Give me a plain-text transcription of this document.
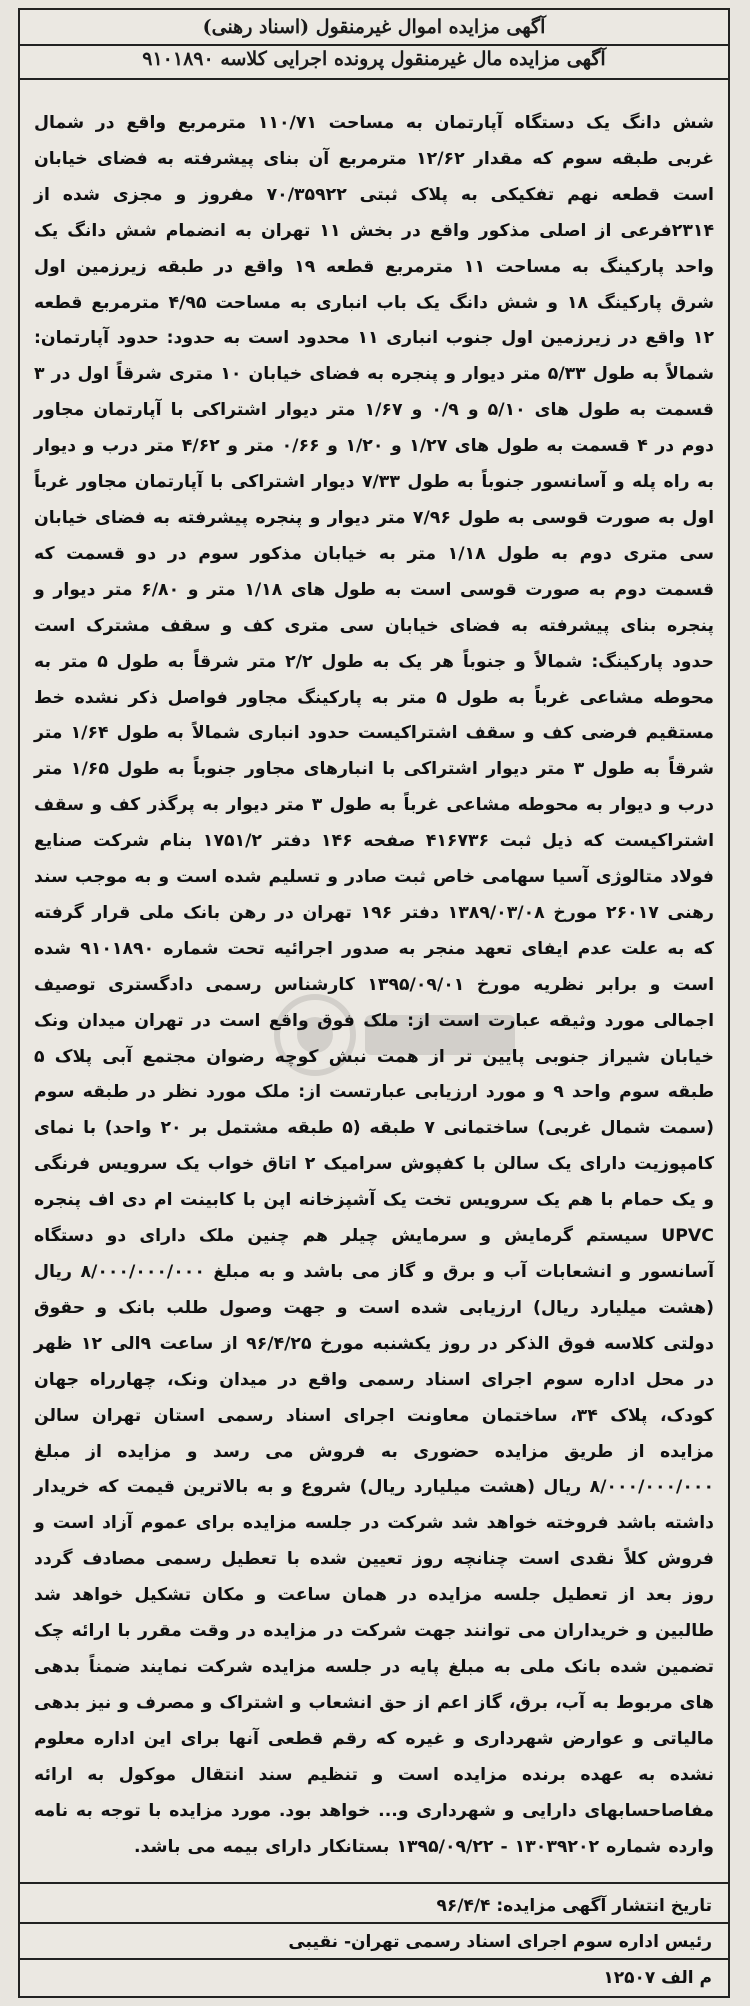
آگهی مزایده اموال غیرمنقول (اسناد رهنی)
آگهی مزایده مال غیرمنقول پرونده اجرایی کلاسه ۹۱۰۱۸۹۰
شش دانگ یک دستگاه آپارتمان به مساحت ۱۱۰/۷۱ مترمربع واقع در شمال غربی طبقه سوم که مقدار ۱۲/۶۲ مترمربع آن بنای پیشرفته به فضای خیابان است قطعه نهم تفکیکی به پلاک ثبتی ۷۰/۳۵۹۲۲ مفروز و مجزی شده از ۲۳۱۴فرعی از اصلی مذکور واقع در بخش ۱۱ تهران به انضمام شش دانگ یک واحد پارکینگ به مساحت ۱۱ مترمربع قطعه ۱۹ واقع در طبقه زیرزمین اول شرق پارکینگ ۱۸ و شش دانگ یک باب انباری به مساحت ۴/۹۵ مترمربع قطعه ۱۲ واقع در زیرزمین اول جنوب انباری ۱۱ محدود است به حدود: حدود آپارتمان: شمالاً به طول ۵/۳۳ متر دیوار و پنجره به فضای خیابان ۱۰ متری شرقاً اول در ۳ قسمت به طول های ۵/۱۰ و ۰/۹ و ۱/۶۷ متر دیوار اشتراکی با آپارتمان مجاور دوم در ۴ قسمت به طول های ۱/۲۷ و ۱/۲۰ و ۰/۶۶ متر و ۴/۶۲ متر درب و دیوار به راه پله و آسانسور جنوباً به طول ۷/۳۳ دیوار اشتراکی با آپارتمان مجاور غرباً اول به صورت قوسی به طول ۷/۹۶ متر دیوار و پنجره پیشرفته به فضای خیابان سی متری دوم به طول ۱/۱۸ متر به خیابان مذکور سوم در دو قسمت که قسمت دوم به صورت قوسی است به طول های ۱/۱۸ متر و ۶/۸۰ متر دیوار و پنجره بنای پیشرفته به فضای خیابان سی متری کف و سقف مشترک است حدود پارکینگ: شمالاً و جنوباً هر یک به طول ۲/۲ متر شرقاً به طول ۵ متر به محوطه مشاعی غرباً به طول ۵ متر به پارکینگ مجاور فواصل ذکر نشده خط مستقیم فرضی کف و سقف اشتراکیست حدود انباری شمالاً به طول ۱/۶۴ متر شرقاً به طول ۳ متر دیوار اشتراکی با انبارهای مجاور جنوباً به طول ۱/۶۵ متر درب و دیوار به محوطه مشاعی غرباً به طول ۳ متر دیوار به پرگذر کف و سقف اشتراکیست که ذیل ثبت ۴۱۶۷۳۶ صفحه ۱۴۶ دفتر ۱۷۵۱/۲ بنام شرکت صنایع فولاد متالوژی آسیا سهامی خاص ثبت صادر و تسلیم شده است و به موجب سند رهنی ۲۶۰۱۷ مورخ ۱۳۸۹/۰۳/۰۸ دفتر ۱۹۶ تهران در رهن بانک ملی قرار گرفته که به علت عدم ایفای تعهد منجر به صدور اجرائیه تحت شماره ۹۱۰۱۸۹۰ شده است و برابر نظریه مورخ ۱۳۹۵/۰۹/۰۱ کارشناس رسمی دادگستری توصیف اجمالی مورد وثیقه عبارت است از: ملک فوق واقع است در تهران میدان ونک خیابان شیراز جنوبی پایین تر از همت نبش کوچه رضوان مجتمع آبی پلاک ۵ طبقه سوم واحد ۹ و مورد ارزیابی عبارتست از: ملک مورد نظر در طبقه سوم (سمت شمال غربی) ساختمانی ۷ طبقه (۵ طبقه مشتمل بر ۲۰ واحد) با نمای کامپوزیت دارای یک سالن با کفپوش سرامیک ۲ اتاق خواب یک سرویس فرنگی و یک حمام با هم یک سرویس تخت یک آشپزخانه اپن با کابینت ام دی اف پنجره UPVC سیستم گرمایش و سرمایش چیلر هم چنین ملک دارای دو دستگاه آسانسور و انشعابات آب و برق و گاز می باشد و به مبلغ ۸/۰۰۰/۰۰۰/۰۰۰ ریال (هشت میلیارد ریال) ارزیابی شده است و جهت وصول طلب بانک و حقوق دولتی کلاسه فوق الذکر در روز یکشنبه مورخ ۹۶/۴/۲۵ از ساعت ۹الی ۱۲ ظهر در محل اداره سوم اجرای اسناد رسمی واقع در میدان ونک، چهارراه جهان کودک، پلاک ۳۴، ساختمان معاونت اجرای اسناد رسمی استان تهران سالن مزایده از طریق مزایده حضوری به فروش می رسد و مزایده از مبلغ ۸/۰۰۰/۰۰۰/۰۰۰ ریال (هشت میلیارد ریال) شروع و به بالاترین قیمت که خریدار داشته باشد فروخته خواهد شد شرکت در جلسه مزایده برای عموم آزاد است و فروش کلاً نقدی است چنانچه روز تعیین شده با تعطیل رسمی مصادف گردد روز بعد از تعطیل جلسه مزایده در همان ساعت و مکان تشکیل خواهد شد طالبین و خریداران می توانند جهت شرکت در مزایده در وقت مقرر با ارائه چک تضمین شده بانک ملی به مبلغ پایه در جلسه مزایده شرکت نمایند ضمناً بدهی های مربوط به آب، برق، گاز اعم از حق انشعاب و اشتراک و مصرف و نیز بدهی مالیاتی و عوارض شهرداری و غیره که رقم قطعی آنها برای این اداره معلوم نشده به عهده برنده مزایده است و تنظیم سند انتقال موکول به ارائه مفاصاحسابهای دارایی و شهرداری و... خواهد بود. مورد مزایده با توجه به نامه وارده شماره ۱۳۰۳۹۲۰۲ - ۱۳۹۵/۰۹/۲۲ بستانکار دارای بیمه می باشد.
تاریخ انتشار آگهی مزایده: ۹۶/۴/۴
رئیس اداره سوم اجرای اسناد رسمی تهران- نقیبی
م الف ۱۲۵۰۷
